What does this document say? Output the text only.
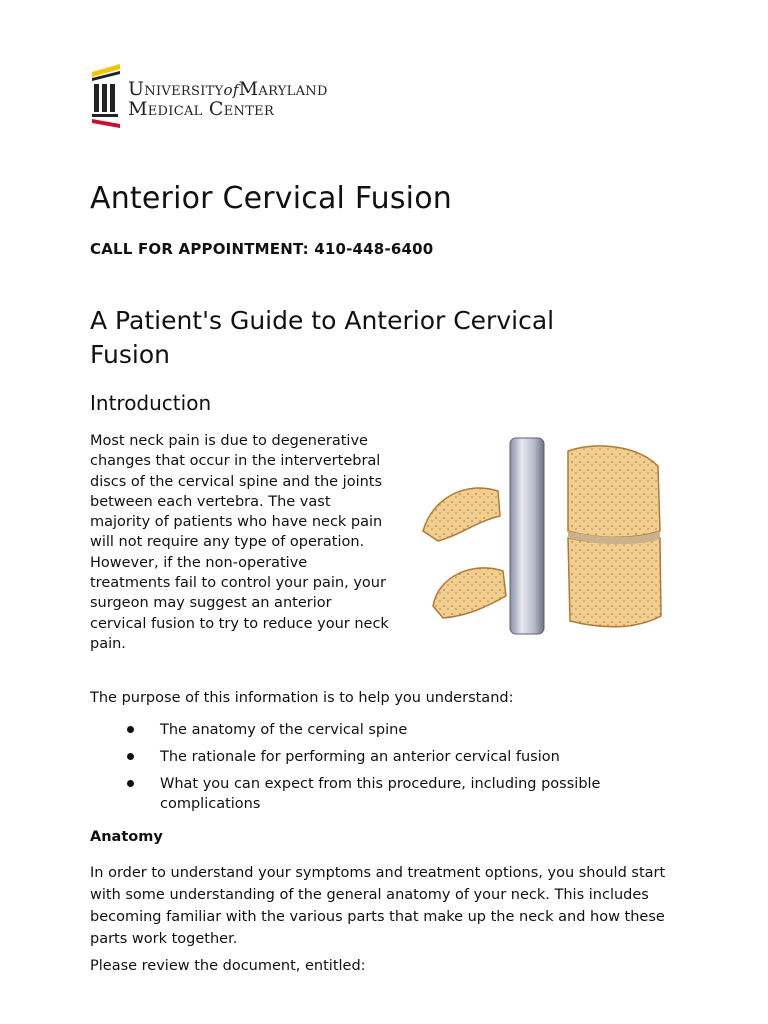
UniversityofMaryland
Medical Center
Anterior Cervical Fusion
CALL FOR APPOINTMENT: 410-448-6400
A Patient's Guide to Anterior Cervical Fusion
Introduction

Most neck pain is due to degenerative changes that occur in the intervertebral discs of the cervical spine and the joints between each vertebra. The vast majority of patients who have neck pain will not require any type of operation. However, if the non-operative treatments fail to control your pain, your surgeon may suggest an anterior cervical fusion to try to reduce your neck pain.

The purpose of this information is to help you understand:

The anatomy of the cervical spine
The rationale for performing an anterior cervical fusion
What you can expect from this procedure, including possible complications

Anatomy

In order to understand your symptoms and treatment options, you should start with some understanding of the general anatomy of your neck. This includes becoming familiar with the various parts that make up the neck and how these parts work together.

Please review the document, entitled:
